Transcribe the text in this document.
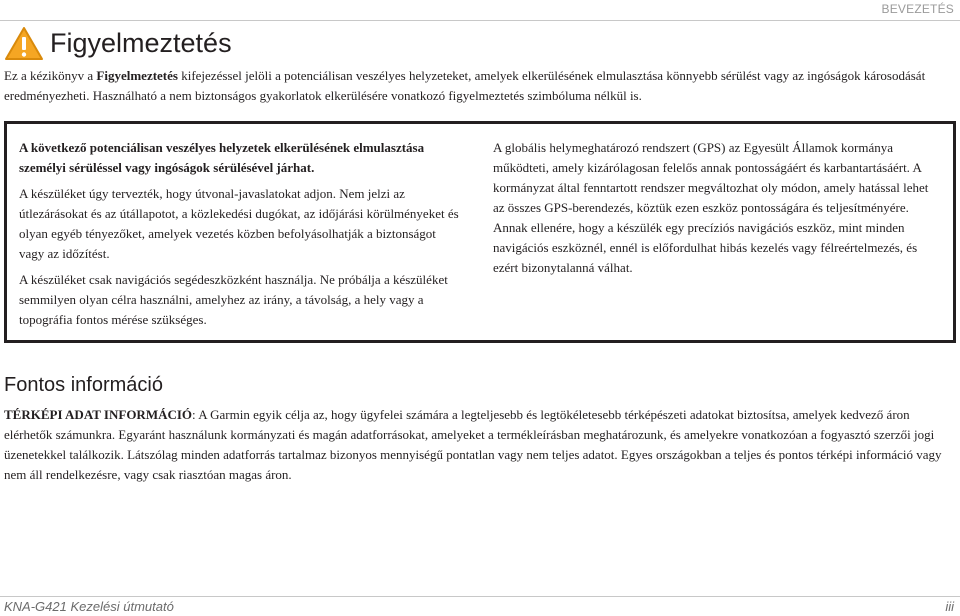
BEVEZETÉS
Figyelmeztetés
Ez a kézikönyv a Figyelmeztetés kifejezéssel jelöli a potenciálisan veszélyes helyzeteket, amelyek elkerülésének elmulasztása könnyebb sérülést vagy az ingóságok károsodását eredményezheti. Használható a nem biztonságos gyakorlatok elkerülésére vonatkozó figyelmeztetés szimbóluma nélkül is.

A következő potenciálisan veszélyes helyzetek elkerülésének elmulasztása személyi sérüléssel vagy ingóságok sérülésével járhat.

A készüléket úgy tervezték, hogy útvonal-javaslatokat adjon. Nem jelzi az útlezárásokat és az útállapotot, a közlekedési dugókat, az időjárási körülményeket és olyan egyéb tényezőket, amelyek vezetés közben befolyásolhatják a biztonságot vagy az időzítést.

A készüléket csak navigációs segédeszközként használja. Ne próbálja a készüléket semmilyen olyan célra használni, amelyhez az irány, a távolság, a hely vagy a topográfia fontos mérése szükséges.

A globális helymeghatározó rendszert (GPS) az Egyesült Államok kormánya működteti, amely kizárólagosan felelős annak pontosságáért és karbantartásáért. A kormányzat által fenntartott rendszer megváltozhat oly módon, amely hatással lehet az összes GPS-berendezés, köztük ezen eszköz pontosságára és teljesítményére. Annak ellenére, hogy a készülék egy precíziós navigációs eszköz, mint minden navigációs eszköznél, ennél is előfordulhat hibás kezelés vagy félreértelmezés, és ezért bizonytalanná válhat.

Fontos információ
TÉRKÉPI ADAT INFORMÁCIÓ: A Garmin egyik célja az, hogy ügyfelei számára a legteljesebb és legtökéletesebb térképészeti adatokat biztosítsa, amelyek kedvező áron elérhetők számunkra. Egyaránt használunk kormányzati és magán adatforrásokat, amelyeket a termékleírásban meghatározunk, és amelyekre vonatkozóan a fogyasztó szerzői jogi üzenetekkel találkozik. Látszólag minden adatforrás tartalmaz bizonyos mennyiségű pontatlan vagy nem teljes adatot. Egyes országokban a teljes és pontos térképi információ vagy nem áll rendelkezésre, vagy csak riasztóan magas áron.
KNA-G421 Kezelési útmutató	iii
